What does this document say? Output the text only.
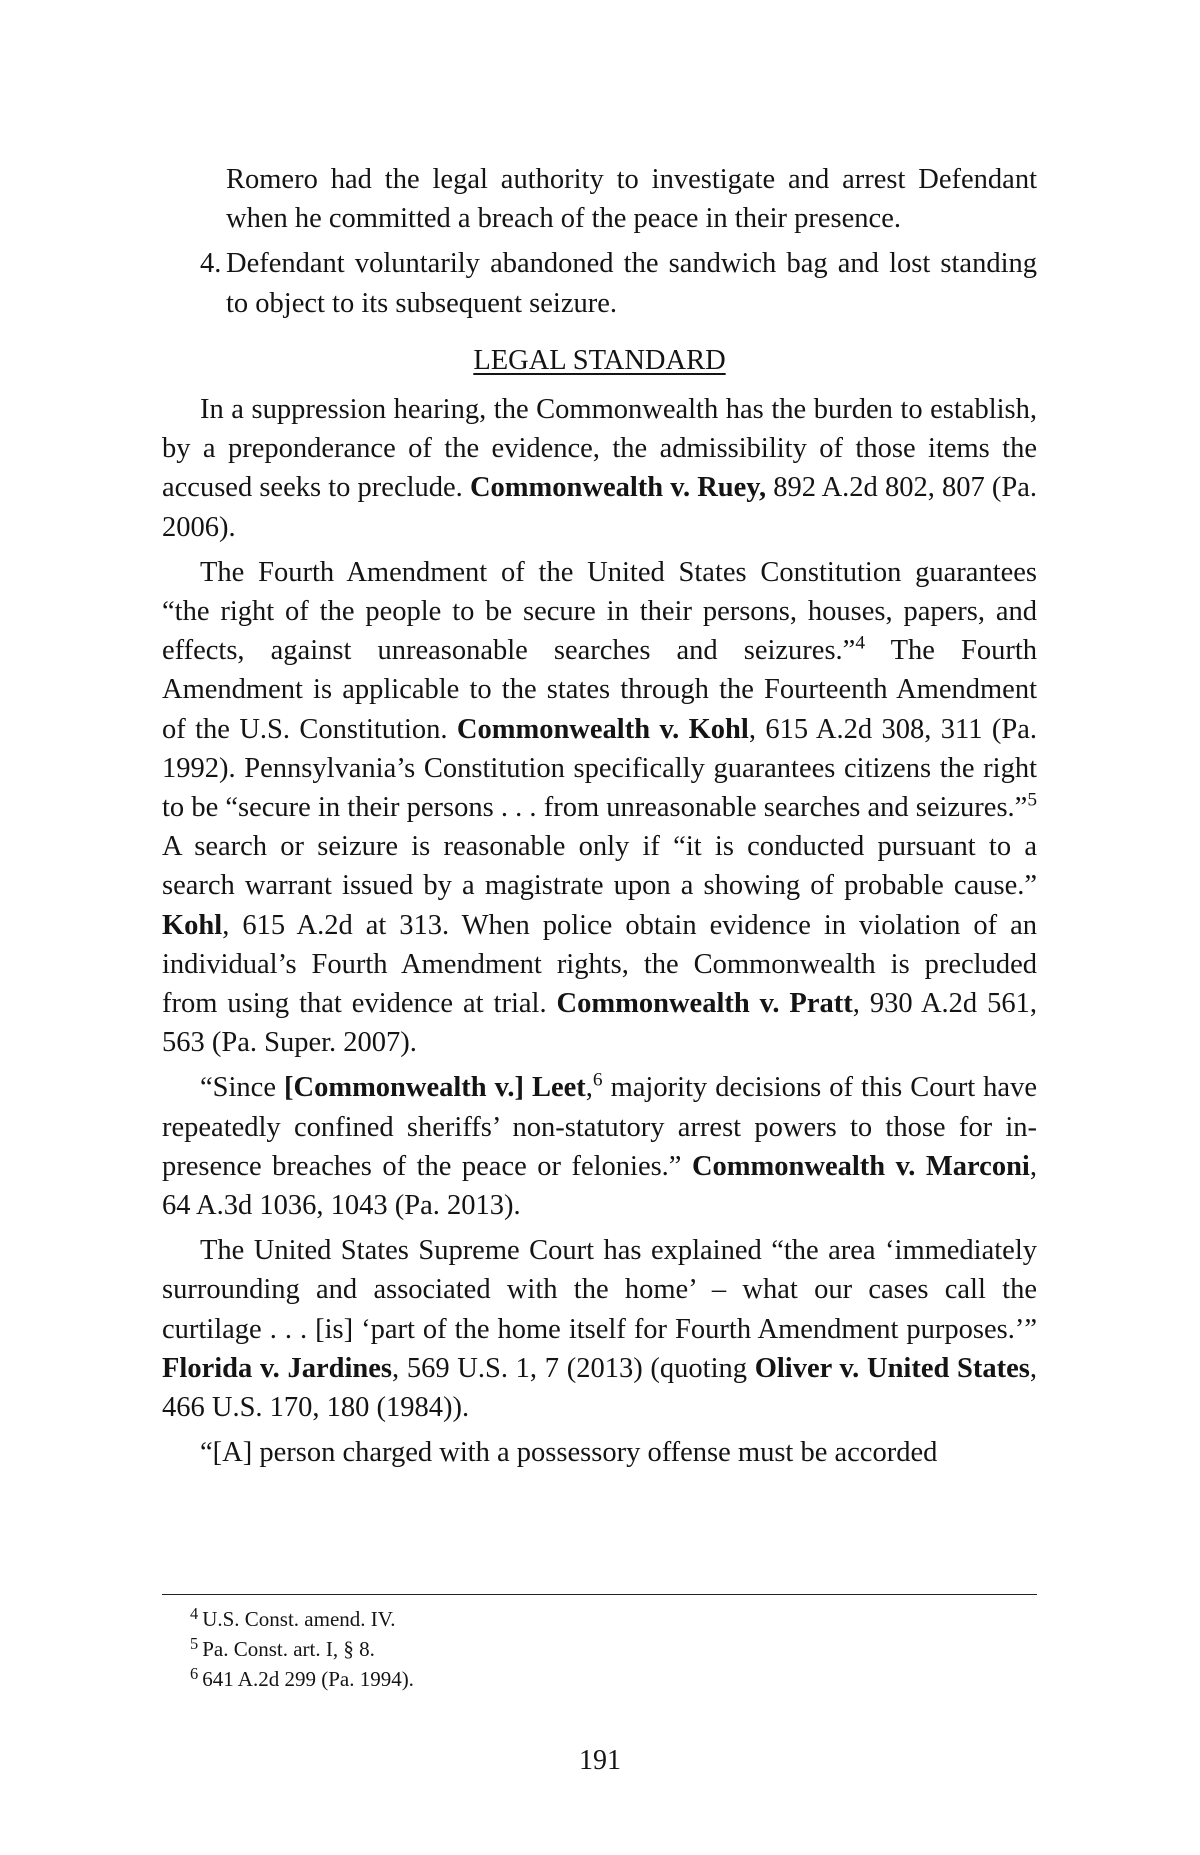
Romero had the legal authority to investigate and arrest Defendant when he committed a breach of the peace in their presence.

4. Defendant voluntarily abandoned the sandwich bag and lost standing to object to its subsequent seizure.

LEGAL STANDARD

In a suppression hearing, the Commonwealth has the burden to establish, by a preponderance of the evidence, the admissibility of those items the accused seeks to preclude. Commonwealth v. Ruey, 892 A.2d 802, 807 (Pa. 2006).

The Fourth Amendment of the United States Constitution guarantees “the right of the people to be secure in their persons, houses, papers, and effects, against unreasonable searches and seizures.”$^4$ The Fourth Amendment is applicable to the states through the Fourteenth Amendment of the U.S. Constitution. Commonwealth v. Kohl, 615 A.2d 308, 311 (Pa. 1992). Pennsylvania’s Constitution specifically guarantees citizens the right to be “secure in their persons . . . from unreasonable searches and seizures.”$^5$ A search or seizure is reasonable only if “it is conducted pursuant to a search warrant issued by a magistrate upon a showing of probable cause.” Kohl, 615 A.2d at 313. When police obtain evidence in violation of an individual’s Fourth Amendment rights, the Commonwealth is precluded from using that evidence at trial. Commonwealth v. Pratt, 930 A.2d 561, 563 (Pa. Super. 2007).

“Since [Commonwealth v.] Leet,$^6$ majority decisions of this Court have repeatedly confined sheriffs’ non-statutory arrest powers to those for in-presence breaches of the peace or felonies.” Commonwealth v. Marconi, 64 A.3d 1036, 1043 (Pa. 2013).

The United States Supreme Court has explained “the area ‘immediately surrounding and associated with the home’ – what our cases call the curtilage . . . [is] ‘part of the home itself for Fourth Amendment purposes.’” Florida v. Jardines, 569 U.S. 1, 7 (2013) (quoting Oliver v. United States, 466 U.S. 170, 180 (1984)).

“[A] person charged with a possessory offense must be accorded

$^4$ U.S. Const. amend. IV.

$^5$ Pa. Const. art. I, § 8.

$^6$ 641 A.2d 299 (Pa. 1994).

191
